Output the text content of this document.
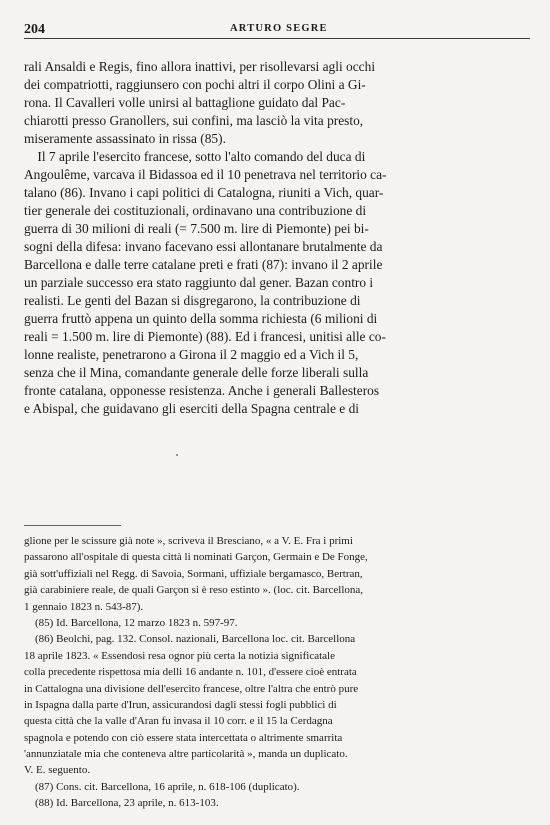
204	ARTURO SEGRE
rali Ansaldi e Regis, fino allora inattivi, per risollevarsi agli occhi
dei compatriotti, raggiunsero con pochi altri il corpo Olini a Gi-
rona. Il Cavalleri volle unirsi al battaglione guidato dal Pac-
chiarotti presso Granollers, sui confini, ma lasciò la vita presto,
miseramente assassinato in rissa (85).
Il 7 aprile l'esercito francese, sotto l'alto comando del duca di
Angoulême, varcava il Bidassoa ed il 10 penetrava nel territorio ca-
talano (86). Invano i capi politici di Catalogna, riuniti a Vich, quar-
tier generale dei costituzionali, ordinavano una contribuzione di
guerra di 30 milioni di reali (= 7.500 m. lire di Piemonte) pei bi-
sogni della difesa: invano facevano essi allontanare brutalmente da
Barcellona e dalle terre catalane preti e frati (87): invano il 2 aprile
un parziale successo era stato raggiunto dal gener. Bazan contro i
realisti. Le genti del Bazan si disgregarono, la contribuzione di
guerra fruttò appena un quinto della somma richiesta (6 milioni di
reali = 1.500 m. lire di Piemonte) (88). Ed i francesi, unitisi alle co-
lonne realiste, penetrarono a Girona il 2 maggio ed a Vich il 5,
senza che il Mina, comandante generale delle forze liberali sulla
fronte catalana, opponesse resistenza. Anche i generali Ballesteros
e Abispal, che guidavano gli eserciti della Spagna centrale e di
glione per le scissure già note », scriveva il Bresciano, « a V. E. Fra i primi
passarono all'ospitale di questa città li nominati Garçon, Germain e De Fonge,
già sott'uffiziali nel Regg. di Savoia, Sormani, uffiziale bergamasco, Bertran,
già carabiniere reale, de quali Garçon si è reso estinto ». (loc. cit. Barcellona,
1 gennaio 1823 n. 543-87).
(85) Id. Barcellona, 12 marzo 1823 n. 597-97.
(86) Beolchi, pag. 132. Consol. nazionali, Barcellona loc. cit. Barcellona
18 aprile 1823. « Essendosi resa ognor più certa la notizia significatale
colla precedente rispettosa mia delli 16 andante n. 101, d'essere cioè entrata
in Cattalogna una divisione dell'esercito francese, oltre l'altra che entrò pure
in Ispagna dalla parte d'Irun, assicurandosi dagli stessi fogli pubblici di
questa città che la valle d'Aran fu invasa il 10 corr. e il 15 la Cerdagna
spagnola e potendo con ciò essere stata intercettata o altrimente smarrita
'annunziatale mia che conteneva altre particolarità », manda un duplicato.
V. E. seguento.
(87) Cons. cit. Barcellona, 16 aprile, n. 618-106 (duplicato).
(88) Id. Barcellona, 23 aprile, n. 613-103.
